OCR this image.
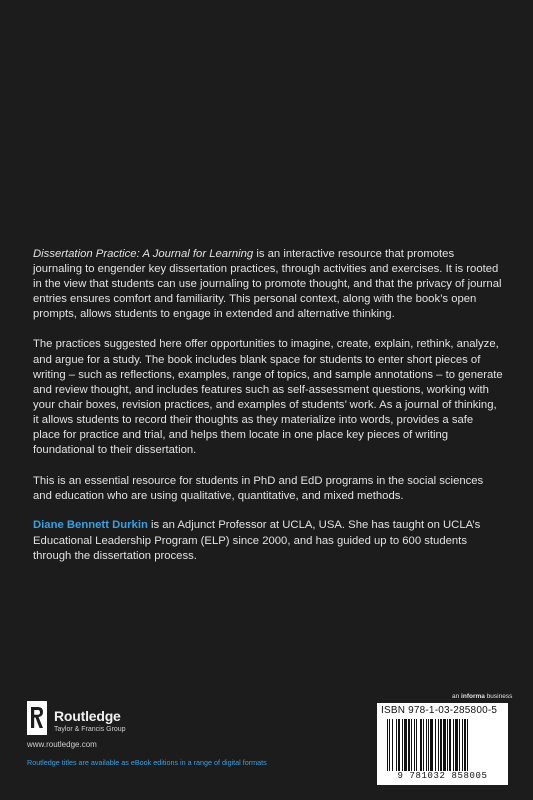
Dissertation Practice: A Journal for Learning is an interactive resource that promotes journaling to engender key dissertation practices, through activities and exercises. It is rooted in the view that students can use journaling to promote thought, and that the privacy of journal entries ensures comfort and familiarity. This personal context, along with the book’s open prompts, allows students to engage in extended and alternative thinking.

The practices suggested here offer opportunities to imagine, create, explain, rethink, analyze, and argue for a study. The book includes blank space for students to enter short pieces of writing – such as reflections, examples, range of topics, and sample annotations – to generate and review thought, and includes features such as self-assessment questions, working with your chair boxes, revision practices, and examples of students’ work. As a journal of thinking, it allows students to record their thoughts as they materialize into words, provides a safe place for practice and trial, and helps them locate in one place key pieces of writing foundational to their dissertation.

This is an essential resource for students in PhD and EdD programs in the social sciences and education who are using qualitative, quantitative, and mixed methods.

Diane Bennett Durkin is an Adjunct Professor at UCLA, USA. She has taught on UCLA’s Educational Leadership Program (ELP) since 2000, and has guided up to 600 students through the dissertation process.

an informa business
Routledge
Taylor & Francis Group
www.routledge.com
Routledge titles are available as eBook editions in a range of digital formats
ISBN 978-1-03-285800-5
9 781032 858005
